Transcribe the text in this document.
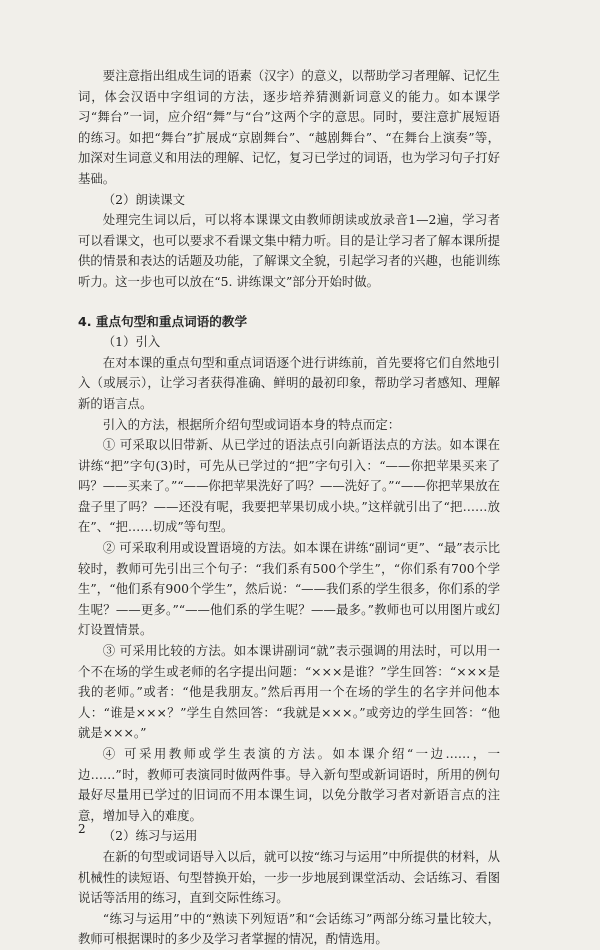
要注意指出组成生词的语素（汉字）的意义，以帮助学习者理解、记忆生词，体会汉语中字组词的方法，逐步培养猜测新词意义的能力。如本课学习“舞台”一词，应介绍“舞”与“台”这两个字的意思。同时，要注意扩展短语的练习。如把“舞台”扩展成“京剧舞台”、“越剧舞台”、“在舞台上演奏”等，加深对生词意义和用法的理解、记忆，复习已学过的词语，也为学习句子打好基础。

（2）朗读课文

处理完生词以后，可以将本课课文由教师朗读或放录音1—2遍，学习者可以看课文，也可以要求不看课文集中精力听。目的是让学习者了解本课所提供的情景和表达的话题及功能，了解课文全貌，引起学习者的兴趣，也能训练听力。这一步也可以放在“5. 讲练课文”部分开始时做。

4. 重点句型和重点词语的教学

（1）引入

在对本课的重点句型和重点词语逐个进行讲练前，首先要将它们自然地引入（或展示），让学习者获得准确、鲜明的最初印象，帮助学习者感知、理解新的语言点。

引入的方法，根据所介绍句型或词语本身的特点而定：

① 可采取以旧带新、从已学过的语法点引向新语法点的方法。如本课在讲练“把”字句(3)时，可先从已学过的“把”字句引入：“——你把苹果买来了吗？——买来了。”“——你把苹果洗好了吗？——洗好了。”“——你把苹果放在盘子里了吗？——还没有呢，我要把苹果切成小块。”这样就引出了“把……放在”、“把……切成”等句型。

② 可采取利用或设置语境的方法。如本课在讲练“副词“更”、“最”表示比较时，教师可先引出三个句子：“我们系有500个学生”，“你们系有700个学生”，“他们系有900个学生”，然后说：“——我们系的学生很多，你们系的学生呢？——更多。”“——他们系的学生呢？——最多。”教师也可以用图片或幻灯设置情景。

③ 可采用比较的方法。如本课讲副词“就”表示强调的用法时，可以用一个不在场的学生或老师的名字提出问题：“×××是谁？”学生回答：“×××是我的老师。”或者：“他是我朋友。”然后再用一个在场的学生的名字并问他本人：“谁是×××？”学生自然回答：“我就是×××。”或旁边的学生回答：“他就是×××。”

④ 可采用教师或学生表演的方法。如本课介绍“一边……，一边……”时，教师可表演同时做两件事。导入新句型或新词语时，所用的例句最好尽量用已学过的旧词而不用本课生词，以免分散学习者对新语言点的注意，增加导入的难度。

（2）练习与运用

在新的句型或词语导入以后，就可以按“练习与运用”中所提供的材料，从机械性的读短语、句型替换开始，一步一步地展到课堂活动、会话练习、看图说话等活用的练习，直到交际性练习。

“练习与运用”中的“熟读下列短语”和“会话练习”两部分练习量比较大，教师可根据课时的多少及学习者掌握的情况，酌情选用。

2
